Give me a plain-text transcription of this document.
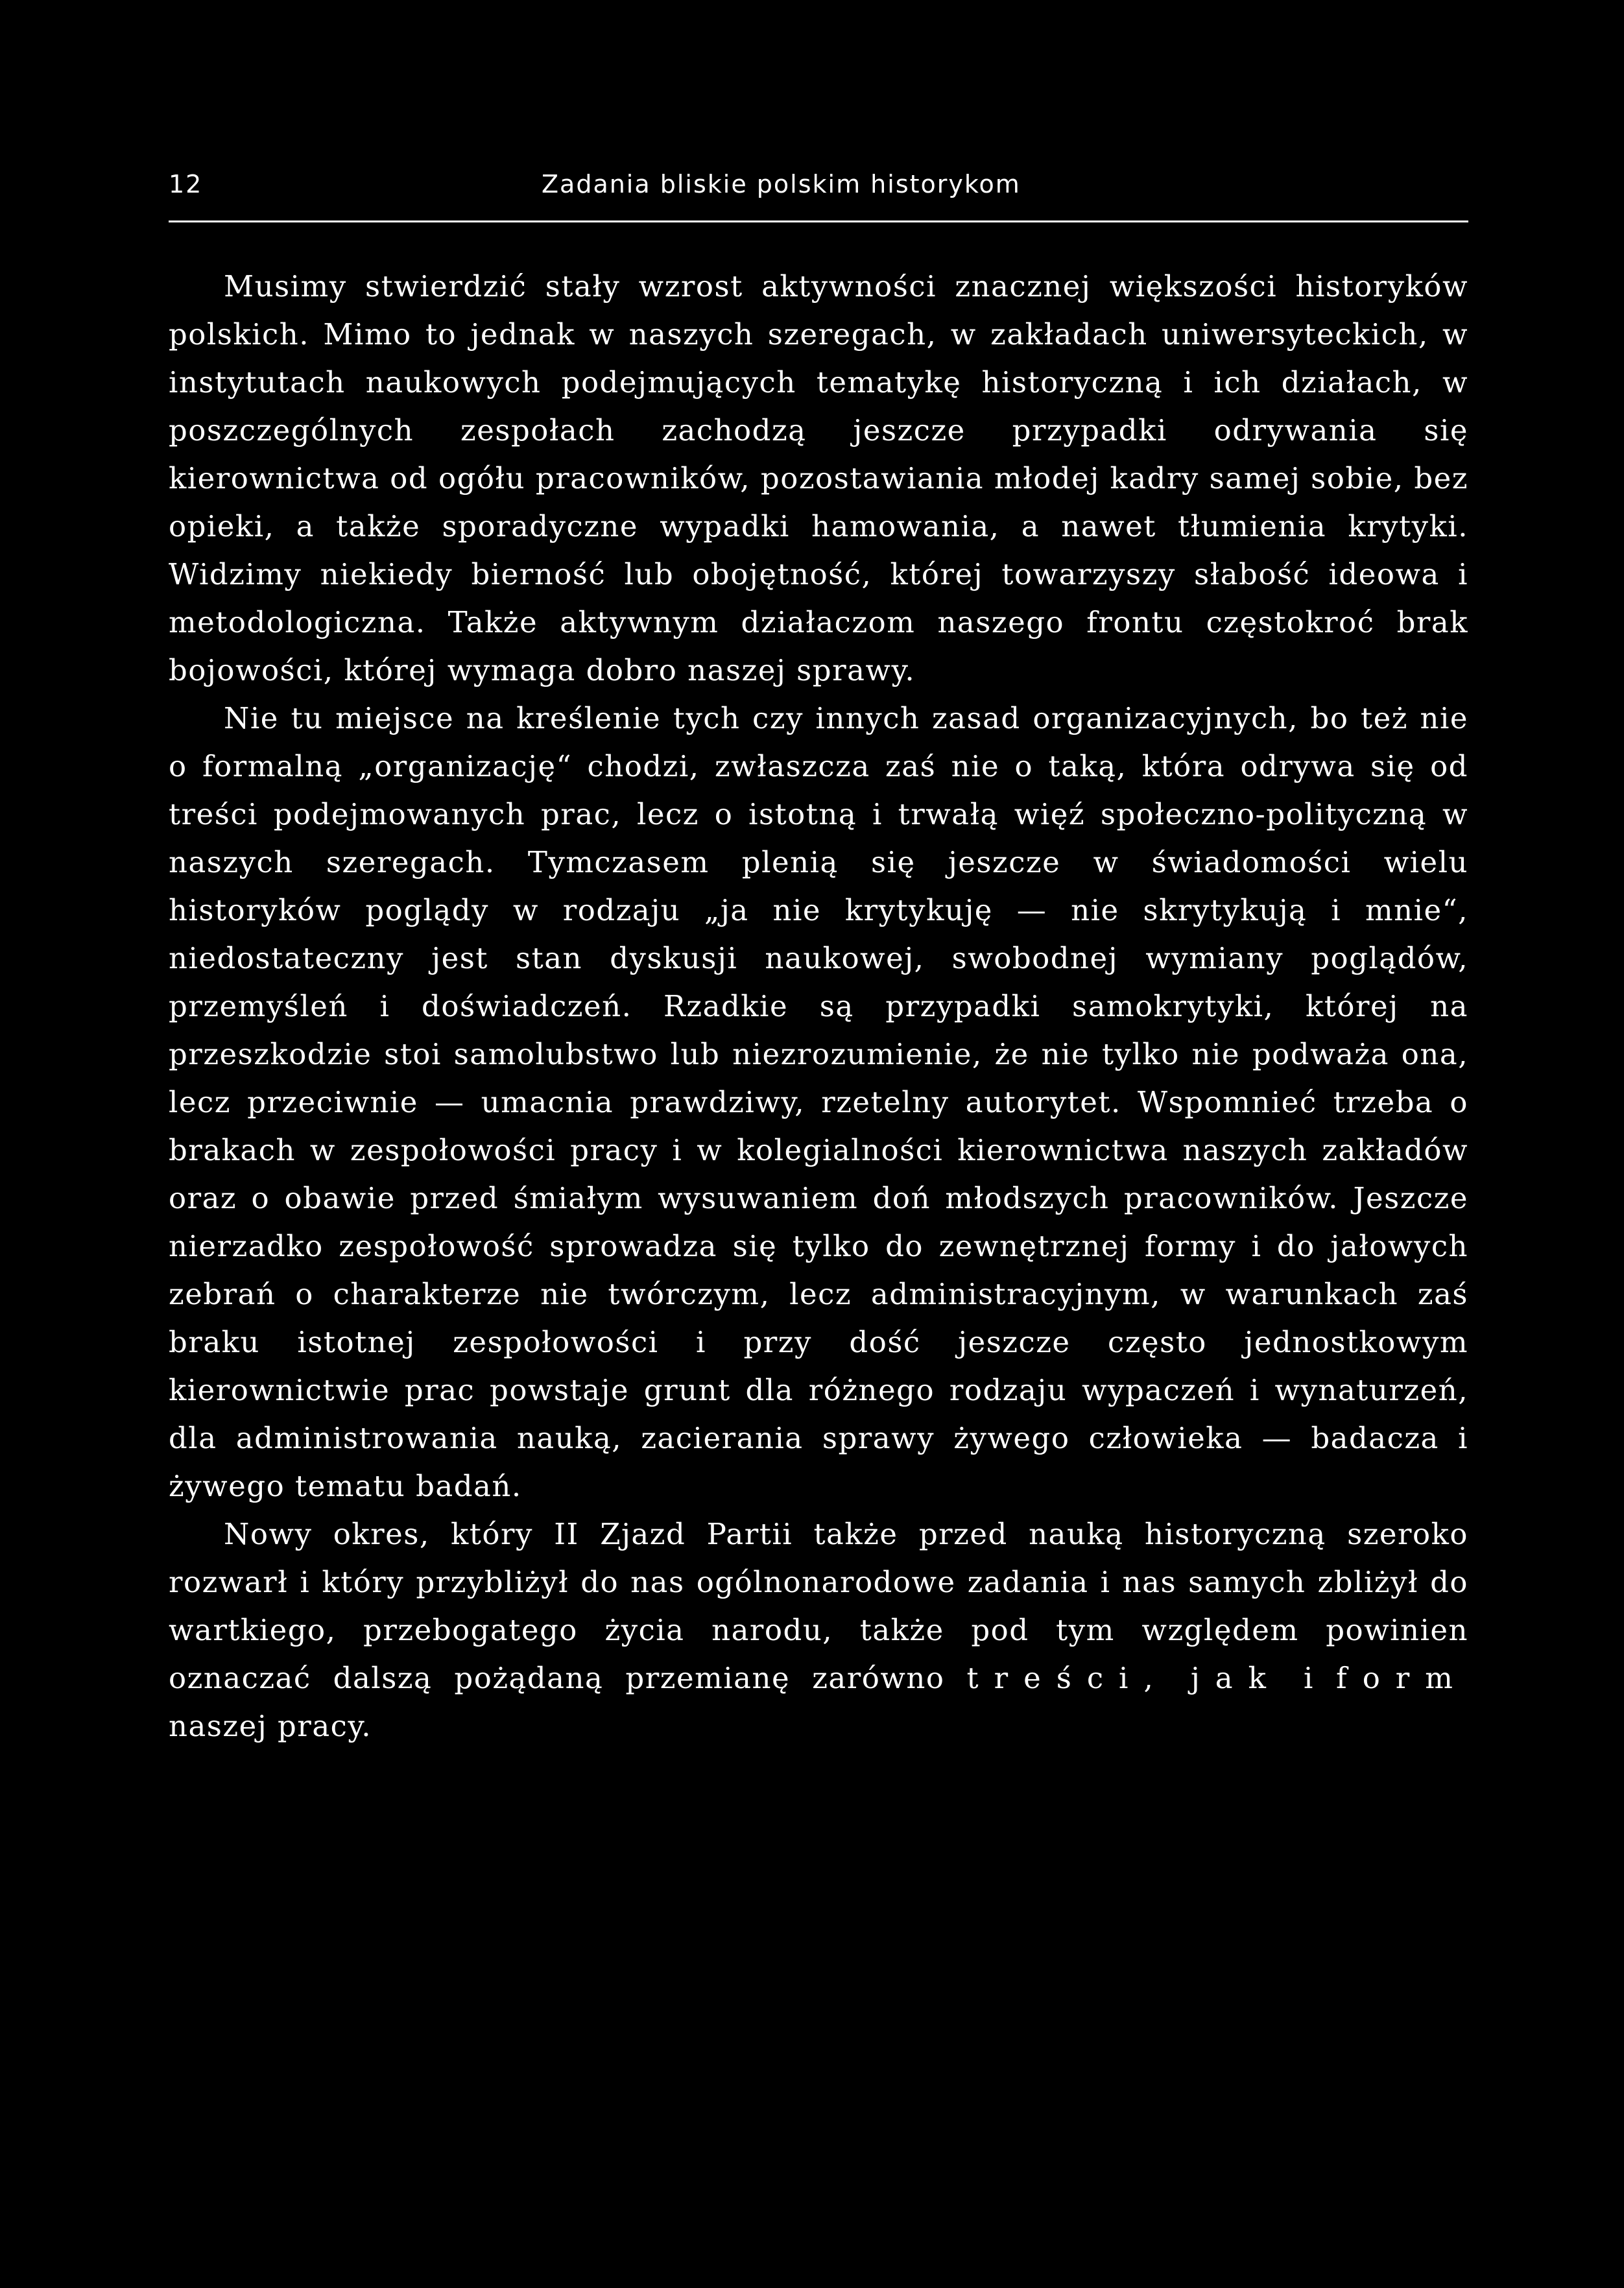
12	Zadania bliskie polskim historykom

Musimy stwierdzić stały wzrost aktywności znacznej większości historyków polskich. Mimo to jednak w naszych szeregach, w zakładach uniwersyteckich, w instytutach naukowych podejmujących tematykę historyczną i ich działach, w poszczególnych zespołach zachodzą jeszcze przypadki odrywania się kierownictwa od ogółu pracowników, pozostawiania młodej kadry samej sobie, bez opieki, a także sporadyczne wypadki hamowania, a nawet tłumienia krytyki. Widzimy niekiedy bierność lub obojętność, której towarzyszy słabość ideowa i metodologiczna. Także aktywnym działaczom naszego frontu częstokroć brak bojowości, której wymaga dobro naszej sprawy.

Nie tu miejsce na kreślenie tych czy innych zasad organizacyjnych, bo też nie o formalną „organizację“ chodzi, zwłaszcza zaś nie o taką, która odrywa się od treści podejmowanych prac, lecz o istotną i trwałą więź społeczno-polityczną w naszych szeregach. Tymczasem plenią się jeszcze w świadomości wielu historyków poglądy w rodzaju „ja nie krytykuję — nie skrytykują i mnie“, niedostateczny jest stan dyskusji naukowej, swobodnej wymiany poglądów, przemyśleń i doświadczeń. Rzadkie są przypadki samokrytyki, której na przeszkodzie stoi samolubstwo lub niezrozumienie, że nie tylko nie podważa ona, lecz przeciwnie — umacnia prawdziwy, rzetelny autorytet. Wspomnieć trzeba o brakach w zespołowości pracy i w kolegialności kierownictwa naszych zakładów oraz o obawie przed śmiałym wysuwaniem doń młodszych pracowników. Jeszcze nierzadko zespołowość sprowadza się tylko do zewnętrznej formy i do jałowych zebrań o charakterze nie twórczym, lecz administracyjnym, w warunkach zaś braku istotnej zespołowości i przy dość jeszcze często jednostkowym kierownictwie prac powstaje grunt dla różnego rodzaju wypaczeń i wynaturzeń, dla administrowania nauką, zacierania sprawy żywego człowieka — badacza i żywego tematu badań.

Nowy okres, który II Zjazd Partii także przed nauką historyczną szeroko rozwarł i który przybliżył do nas ogólnonarodowe zadania i nas samych zbliżył do wartkiego, przebogatego życia narodu, także pod tym względem powinien oznaczać dalszą pożądaną przemianę zarówno treści, jak i form naszej pracy.
